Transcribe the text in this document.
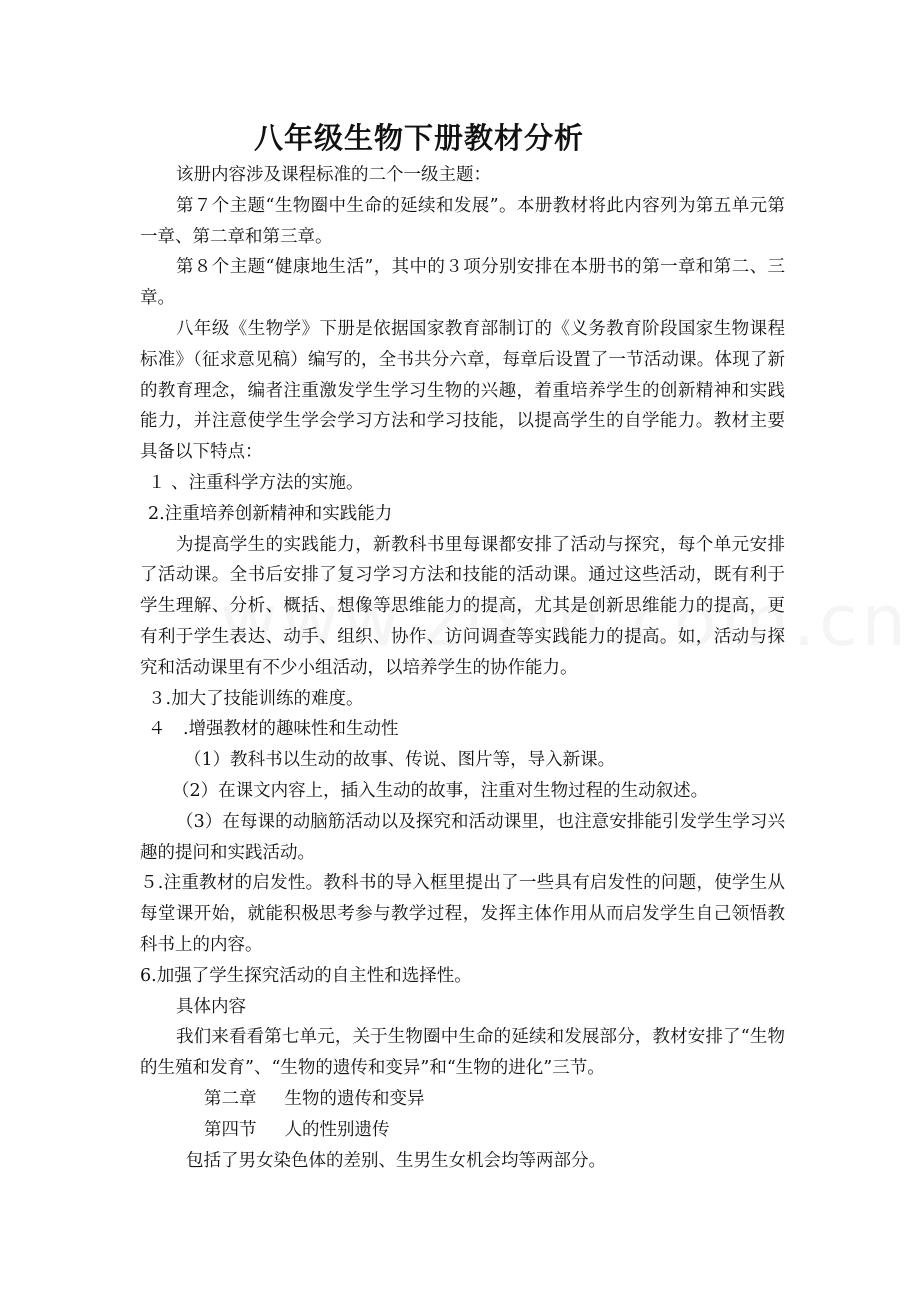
八年级生物下册教材分析

该册内容涉及课程标准的二个一级主题：

第７个主题“生物圈中生命的延续和发展”。本册教材将此内容列为第五单元第一章、第二章和第三章。

第８个主题“健康地生活”，其中的３项分别安排在本册书的第一章和第二、三章。

八年级《生物学》下册是依据国家教育部制订的《义务教育阶段国家生物课程标准》（征求意见稿）编写的，全书共分六章，每章后设置了一节活动课。体现了新的教育理念，编者注重激发学生学习生物的兴趣，着重培养学生的创新精神和实践能力，并注意使学生学会学习方法和学习技能，以提高学生的自学能力。教材主要具备以下特点：

１ 、注重科学方法的实施。

2.注重培养创新精神和实践能力

为提高学生的实践能力，新教科书里每课都安排了活动与探究，每个单元安排了活动课。全书后安排了复习学习方法和技能的活动课。通过这些活动，既有利于学生理解、分析、概括、想像等思维能力的提高，尤其是创新思维能力的提高，更有利于学生表达、动手、组织、协作、访问调查等实践能力的提高。如，活动与探究和活动课里有不少小组活动，以培养学生的协作能力。

３.加大了技能训练的难度。

４　.增强教材的趣味性和生动性

（1）教科书以生动的故事、传说、图片等，导入新课。

（2）在课文内容上，插入生动的故事，注重对生物过程的生动叙述。

（3）在每课的动脑筋活动以及探究和活动课里，也注意安排能引发学生学习兴趣的提问和实践活动。

５.注重教材的启发性。教科书的导入框里提出了一些具有启发性的问题，使学生从每堂课开始，就能积极思考参与教学过程，发挥主体作用从而启发学生自己领悟教科书上的内容。

6.加强了学生探究活动的自主性和选择性。

具体内容

我们来看看第七单元，关于生物圈中生命的延续和发展部分，教材安排了“生物的生殖和发育”、“生物的遗传和变异”和“生物的进化”三节。

第二章 生物的遗传和变异

第四节 人的性别遗传

包括了男女染色体的差别、生男生女机会均等两部分。
